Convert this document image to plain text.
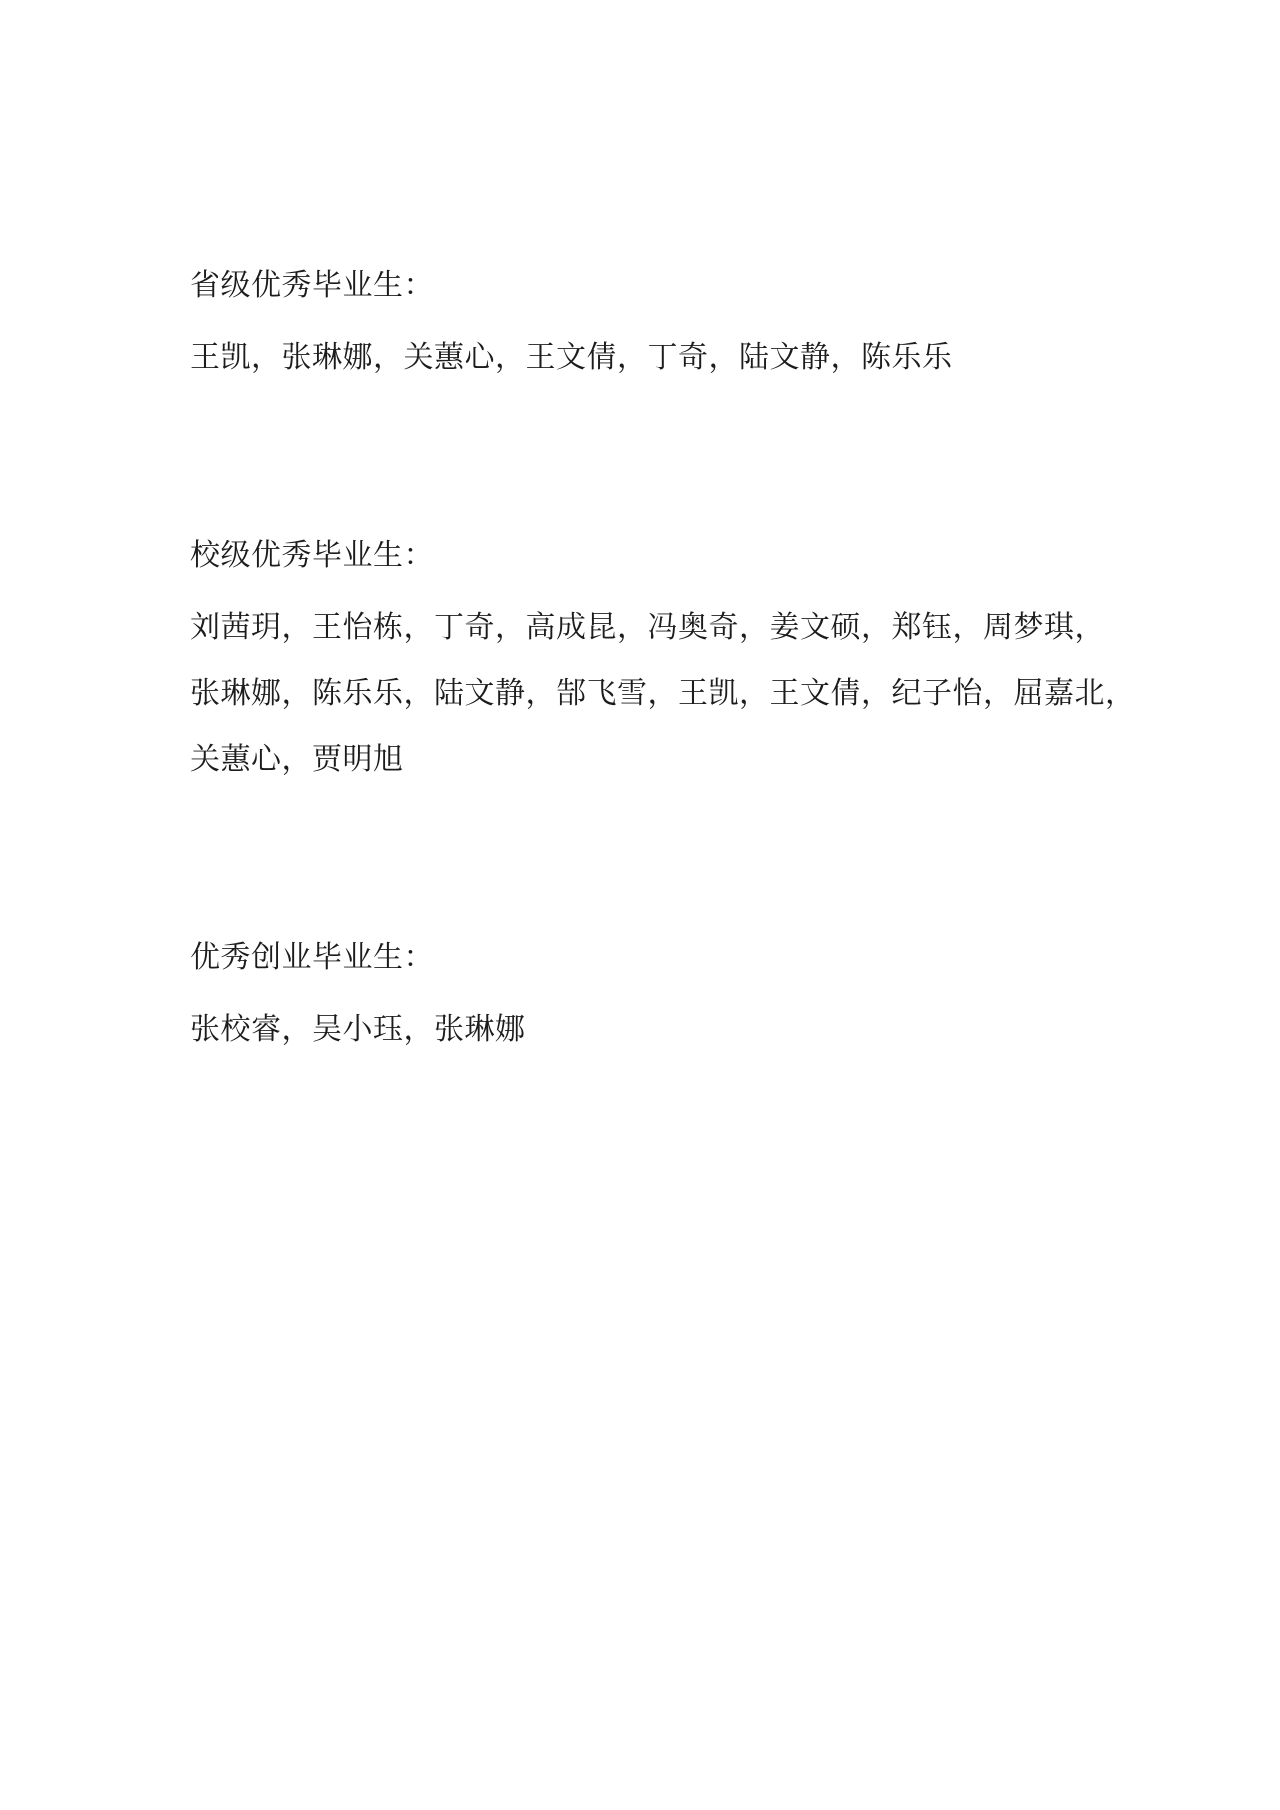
省级优秀毕业生：
王凯，张琳娜，关蕙心，王文倩，丁奇，陆文静，陈乐乐
校级优秀毕业生：
刘茜玥，王怡栋，丁奇，高成昆，冯奥奇，姜文硕，郑钰，周梦琪，
张琳娜，陈乐乐，陆文静，郜飞雪，王凯，王文倩，纪子怡，屈嘉北，
关蕙心，贾明旭
优秀创业毕业生：
张校睿，吴小珏，张琳娜
